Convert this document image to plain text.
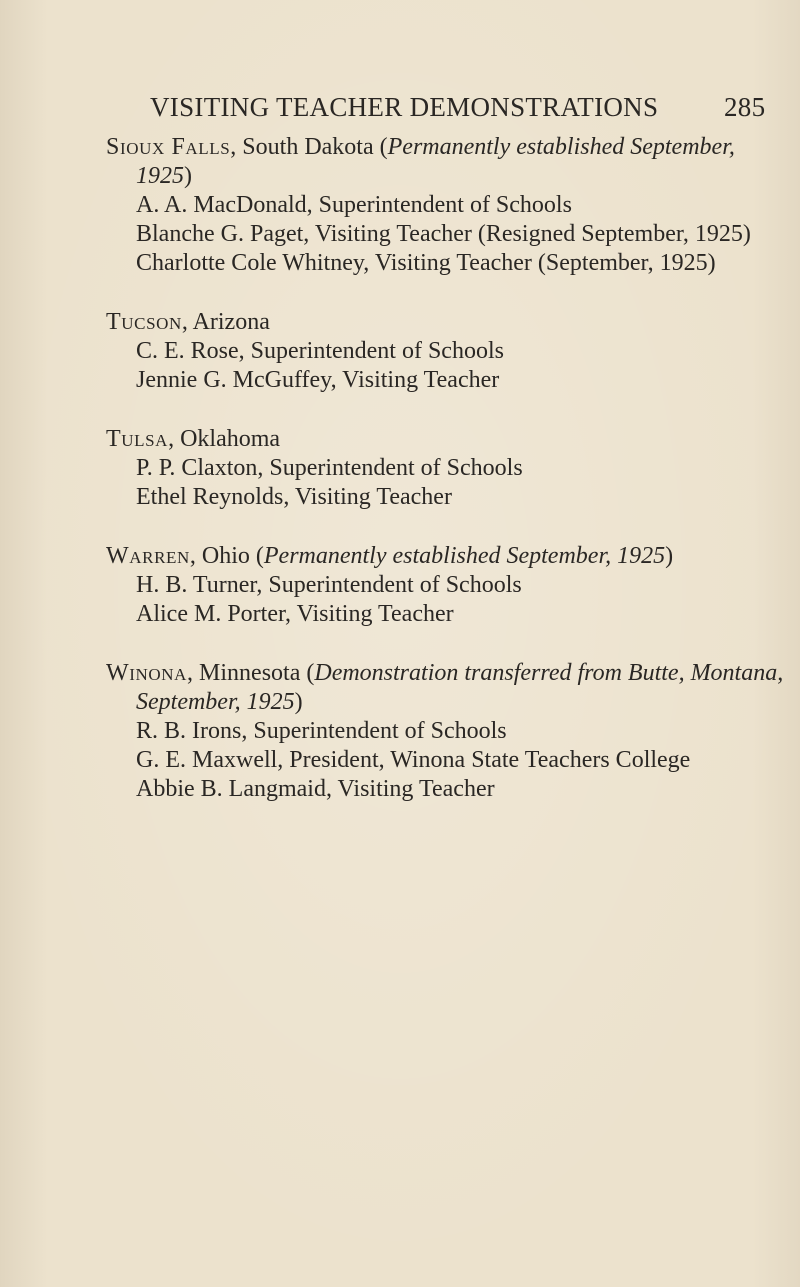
VISITING TEACHER DEMONSTRATIONS 285

Sioux Falls, South Dakota (Permanently established September, 1925)

A. A. MacDonald, Superintendent of Schools

Blanche G. Paget, Visiting Teacher (Resigned September, 1925)

Charlotte Cole Whitney, Visiting Teacher (September, 1925)

Tucson, Arizona

C. E. Rose, Superintendent of Schools

Jennie G. McGuffey, Visiting Teacher

Tulsa, Oklahoma

P. P. Claxton, Superintendent of Schools

Ethel Reynolds, Visiting Teacher

Warren, Ohio (Permanently established September, 1925)

H. B. Turner, Superintendent of Schools

Alice M. Porter, Visiting Teacher

Winona, Minnesota (Demonstration transferred from Butte, Montana, September, 1925)

R. B. Irons, Superintendent of Schools

G. E. Maxwell, President, Winona State Teachers College

Abbie B. Langmaid, Visiting Teacher
